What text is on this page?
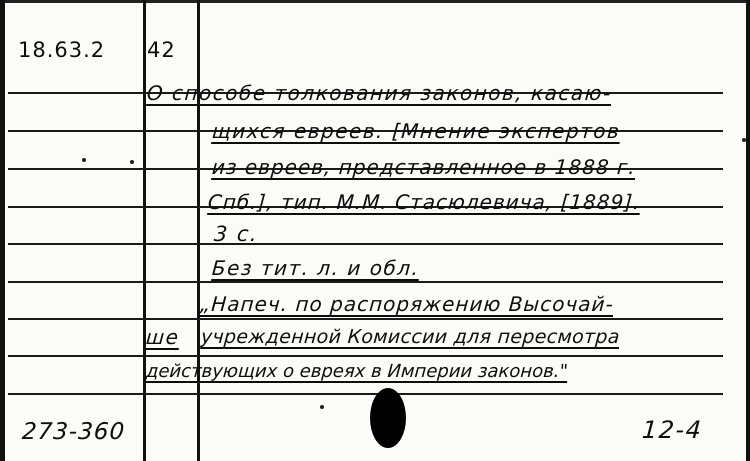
18.63.2 42
О способе толкования законов, касаю-
щихся евреев. [Мнение экспертов
из евреев, представленное в 1888 г.
Спб.], тип. М.М. Стасюлевича, [1889].
3 с.
Без тит. л. и обл.
„Напеч. по распоряжению Высочай-
ше учрежденной Комиссии для пересмотра
действующих о евреях в Империи законов."
273-360	12-4
